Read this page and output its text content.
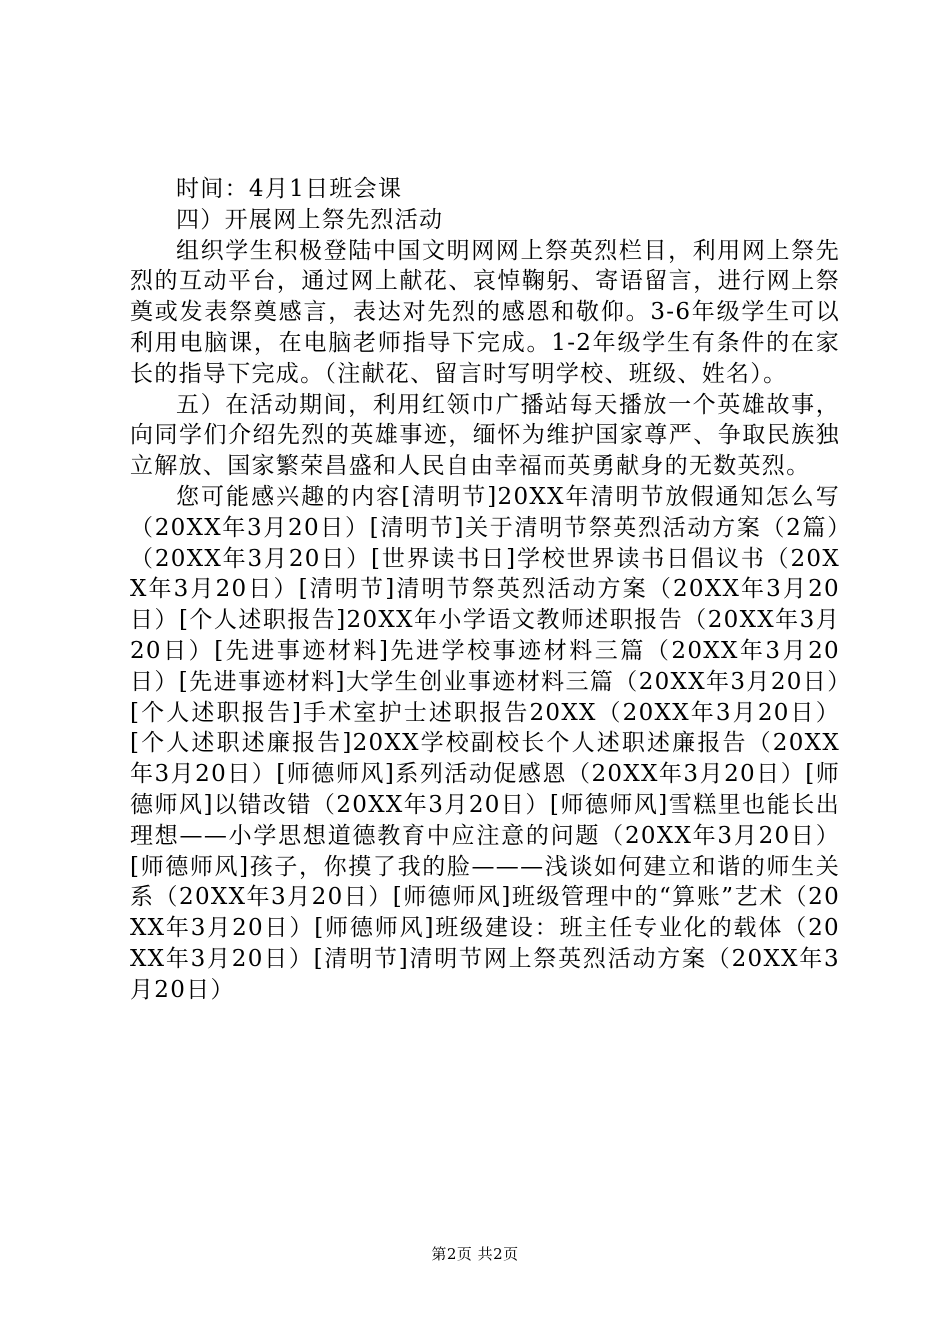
时间：4月1日班会课

四）开展网上祭先烈活动

组织学生积极登陆中国文明网网上祭英烈栏目，利用网上祭先烈的互动平台，通过网上献花、哀悼鞠躬、寄语留言，进行网上祭奠或发表祭奠感言，表达对先烈的感恩和敬仰。3-6年级学生可以利用电脑课，在电脑老师指导下完成。1-2年级学生有条件的在家长的指导下完成。（注献花、留言时写明学校、班级、姓名）。

五）在活动期间，利用红领巾广播站每天播放一个英雄故事，向同学们介绍先烈的英雄事迹，缅怀为维护国家尊严、争取民族独立解放、国家繁荣昌盛和人民自由幸福而英勇献身的无数英烈。

您可能感兴趣的内容[清明节]20XX年清明节放假通知怎么写（20XX年3月20日）[清明节]关于清明节祭英烈活动方案（2篇）（20XX年3月20日）[世界读书日]学校世界读书日倡议书（20XX年3月20日）[清明节]清明节祭英烈活动方案（20XX年3月20日）[个人述职报告]20XX年小学语文教师述职报告（20XX年3月20日）[先进事迹材料]先进学校事迹材料三篇（20XX年3月20日）[先进事迹材料]大学生创业事迹材料三篇（20XX年3月20日）[个人述职报告]手术室护士述职报告20XX（20XX年3月20日）[个人述职述廉报告]20XX学校副校长个人述职述廉报告（20XX年3月20日）[师德师风]系列活动促感恩（20XX年3月20日）[师德师风]以错改错（20XX年3月20日）[师德师风]雪糕里也能长出理想——小学思想道德教育中应注意的问题（20XX年3月20日）[师德师风]孩子，你摸了我的脸———浅谈如何建立和谐的师生关系（20XX年3月20日）[师德师风]班级管理中的“算账”艺术（20XX年3月20日）[师德师风]班级建设：班主任专业化的载体（20XX年3月20日）[清明节]清明节网上祭英烈活动方案（20XX年3月20日）

第2页 共2页
